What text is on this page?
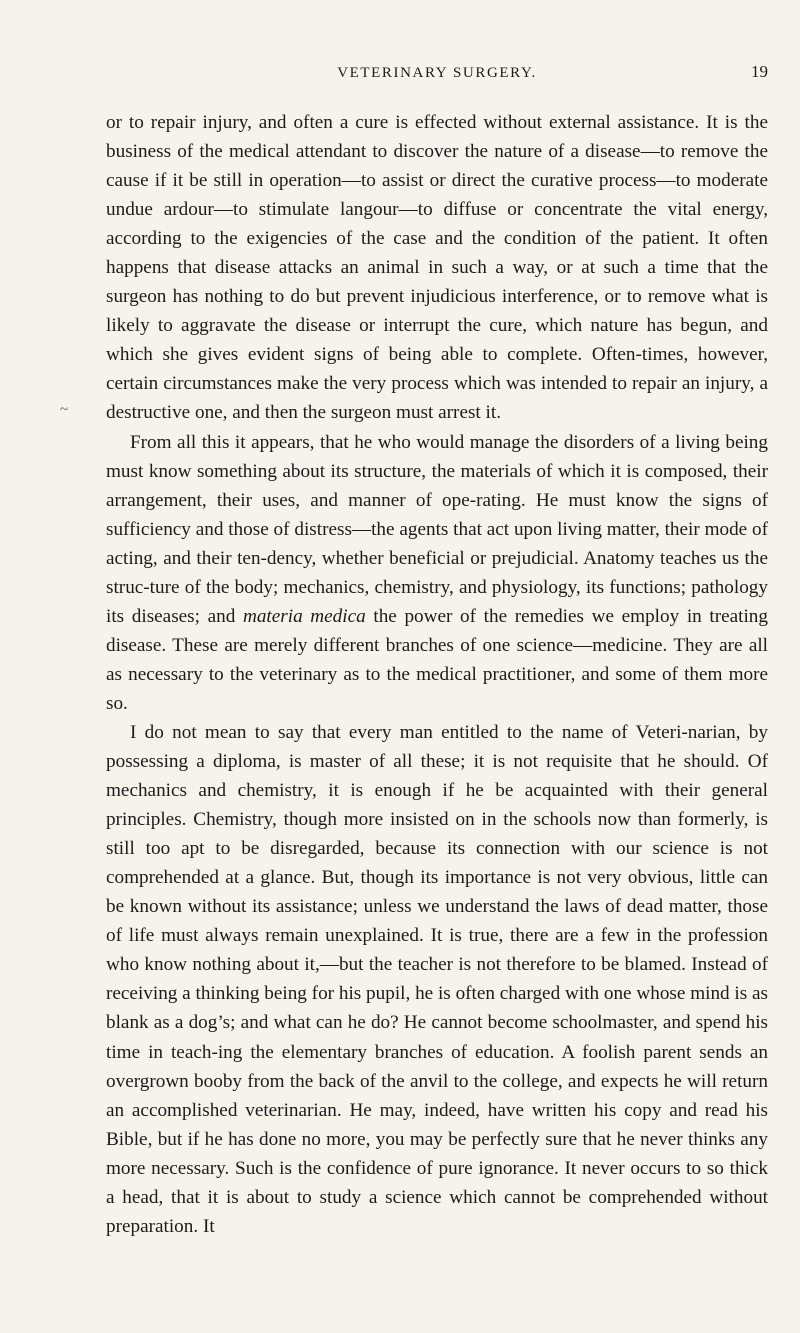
VETERINARY SURGERY.	19
~

or to repair injury, and often a cure is effected without external assistance. It is the business of the medical attendant to discover the nature of a disease—to remove the cause if it be still in operation—to assist or direct the curative process—to moderate undue ardour—to stimulate langour—to diffuse or concentrate the vital energy, according to the exigencies of the case and the condition of the patient. It often happens that disease attacks an animal in such a way, or at such a time that the surgeon has nothing to do but prevent injudicious interference, or to remove what is likely to aggravate the disease or interrupt the cure, which nature has begun, and which she gives evident signs of being able to complete. Often-times, however, certain circumstances make the very process which was intended to repair an injury, a destructive one, and then the surgeon must arrest it.

From all this it appears, that he who would manage the disorders of a living being must know something about its structure, the materials of which it is composed, their arrangement, their uses, and manner of ope-rating. He must know the signs of sufficiency and those of distress—the agents that act upon living matter, their mode of acting, and their ten-dency, whether beneficial or prejudicial. Anatomy teaches us the struc-ture of the body; mechanics, chemistry, and physiology, its functions; pathology its diseases; and materia medica the power of the remedies we employ in treating disease. These are merely different branches of one science—medicine. They are all as necessary to the veterinary as to the medical practitioner, and some of them more so.

I do not mean to say that every man entitled to the name of Veteri-narian, by possessing a diploma, is master of all these; it is not requisite that he should. Of mechanics and chemistry, it is enough if he be acquainted with their general principles. Chemistry, though more insisted on in the schools now than formerly, is still too apt to be disregarded, because its connection with our science is not comprehended at a glance. But, though its importance is not very obvious, little can be known without its assistance; unless we understand the laws of dead matter, those of life must always remain unexplained. It is true, there are a few in the profession who know nothing about it,—but the teacher is not therefore to be blamed. Instead of receiving a thinking being for his pupil, he is often charged with one whose mind is as blank as a dog’s; and what can he do? He cannot become schoolmaster, and spend his time in teach-ing the elementary branches of education. A foolish parent sends an overgrown booby from the back of the anvil to the college, and expects he will return an accomplished veterinarian. He may, indeed, have written his copy and read his Bible, but if he has done no more, you may be perfectly sure that he never thinks any more necessary. Such is the confidence of pure ignorance. It never occurs to so thick a head, that it is about to study a science which cannot be comprehended without preparation. It
